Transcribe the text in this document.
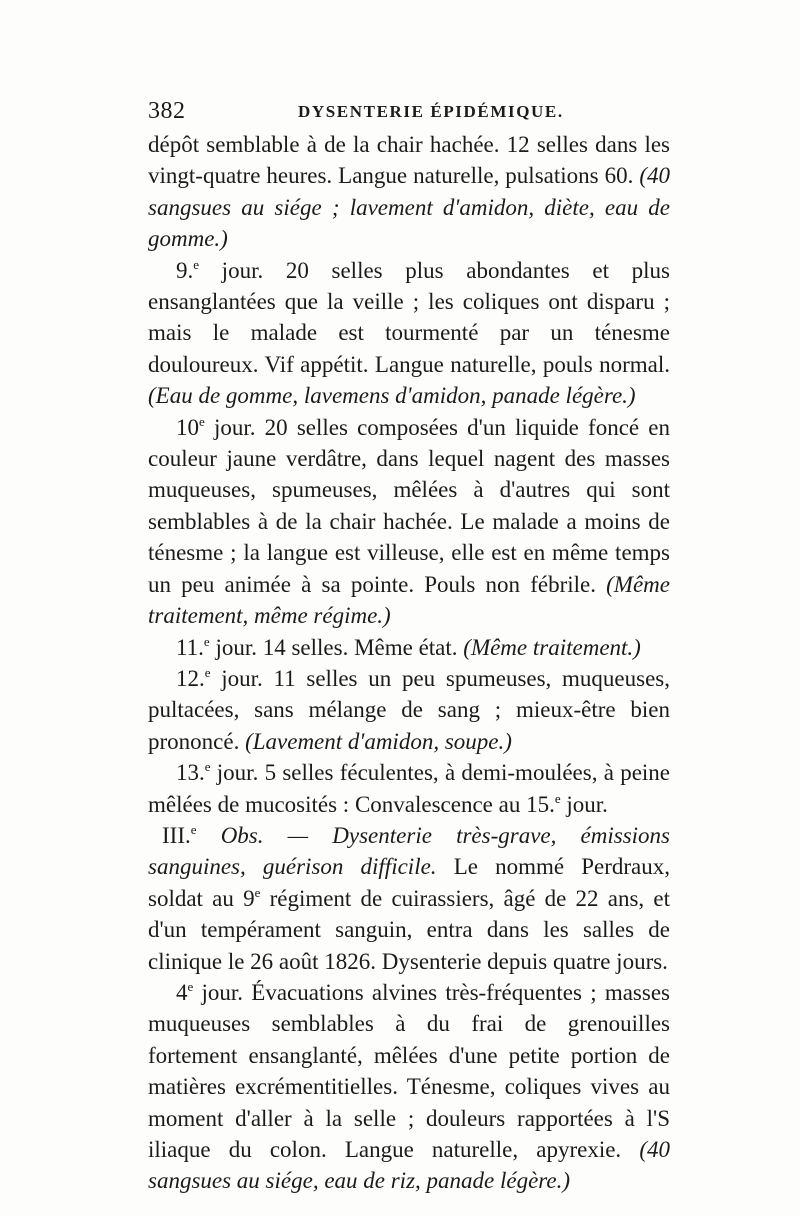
382	DYSENTERIE ÉPIDÉMIQUE.

dépôt semblable à de la chair hachée. 12 selles dans les vingt-quatre heures. Langue naturelle, pulsations 60. (40 sangsues au siége ; lavement d'amidon, diète, eau de gomme.)

9.$^e$ jour. 20 selles plus abondantes et plus ensanglantées que la veille ; les coliques ont disparu ; mais le malade est tourmenté par un ténesme douloureux. Vif appétit. Langue naturelle, pouls normal. (Eau de gomme, lavemens d'amidon, panade légère.)

10e jour. 20 selles composées d'un liquide foncé en couleur jaune verdâtre, dans lequel nagent des masses muqueuses, spumeuses, mêlées à d'autres qui sont semblables à de la chair hachée. Le malade a moins de ténesme ; la langue est villeuse, elle est en même temps un peu animée à sa pointe. Pouls non fébrile. (Même traitement, même régime.)

11.$^e$ jour. 14 selles. Même état. (Même traitement.)

12.$^e$ jour. 11 selles un peu spumeuses, muqueuses, pultacées, sans mélange de sang ; mieux-être bien prononcé. (Lavement d'amidon, soupe.)

13.$^e$ jour. 5 selles féculentes, à demi-moulées, à peine mêlées de mucosités : Convalescence au 15.$^e$ jour.

III.$^e$ Obs. — Dysenterie très-grave, émissions sanguines, guérison difficile. Le nommé Perdraux, soldat au 9e régiment de cuirassiers, âgé de 22 ans, et d'un tempérament sanguin, entra dans les salles de clinique le 26 août 1826. Dysenterie depuis quatre jours.

4e jour. Évacuations alvines très-fréquentes ; masses muqueuses semblables à du frai de grenouilles fortement ensanglanté, mêlées d'une petite portion de matières excrémentitielles. Ténesme, coliques vives au moment d'aller à la selle ; douleurs rapportées à l'S iliaque du colon. Langue naturelle, apyrexie. (40 sangsues au siége, eau de riz, panade légère.)
